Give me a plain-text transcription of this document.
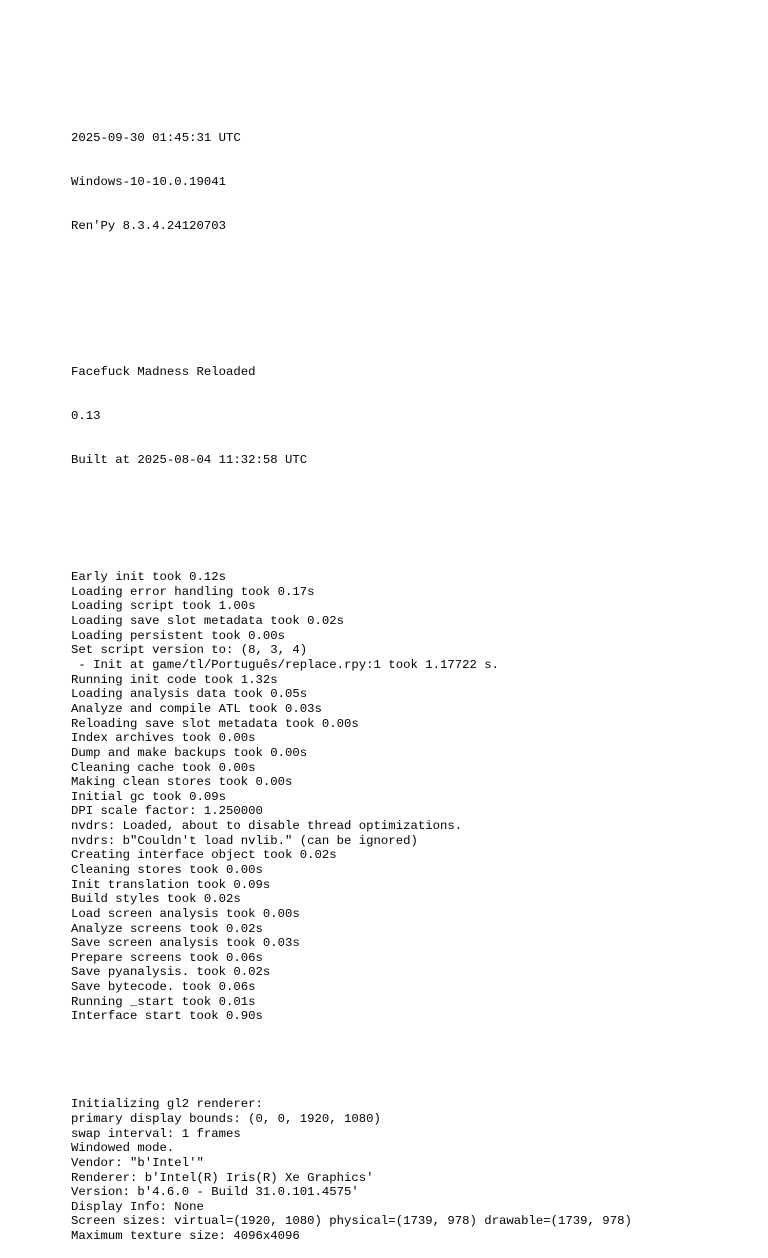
2025-09-30 01:45:31 UTC

Windows-10-10.0.19041

Ren'Py 8.3.4.24120703

Facefuck Madness Reloaded

0.13

Built at 2025-08-04 11:32:58 UTC

Early init took 0.12s
Loading error handling took 0.17s
Loading script took 1.00s
Loading save slot metadata took 0.02s
Loading persistent took 0.00s
Set script version to: (8, 3, 4)
- Init at game/tl/Português/replace.rpy:1 took 1.17722 s.
Running init code took 1.32s
Loading analysis data took 0.05s
Analyze and compile ATL took 0.03s
Reloading save slot metadata took 0.00s
Index archives took 0.00s
Dump and make backups took 0.00s
Cleaning cache took 0.00s
Making clean stores took 0.00s
Initial gc took 0.09s
DPI scale factor: 1.250000
nvdrs: Loaded, about to disable thread optimizations.
nvdrs: b"Couldn't load nvlib." (can be ignored)
Creating interface object took 0.02s
Cleaning stores took 0.00s
Init translation took 0.09s
Build styles took 0.02s
Load screen analysis took 0.00s
Analyze screens took 0.02s
Save screen analysis took 0.03s
Prepare screens took 0.06s
Save pyanalysis. took 0.02s
Save bytecode. took 0.06s
Running _start took 0.01s
Interface start took 0.90s

Initializing gl2 renderer:
primary display bounds: (0, 0, 1920, 1080)
swap interval: 1 frames
Windowed mode.
Vendor: "b'Intel'"
Renderer: b'Intel(R) Iris(R) Xe Graphics'
Version: b'4.6.0 - Build 31.0.101.4575'
Display Info: None
Screen sizes: virtual=(1920, 1080) physical=(1739, 978) drawable=(1739, 978)
Maximum texture size: 4096x4096
